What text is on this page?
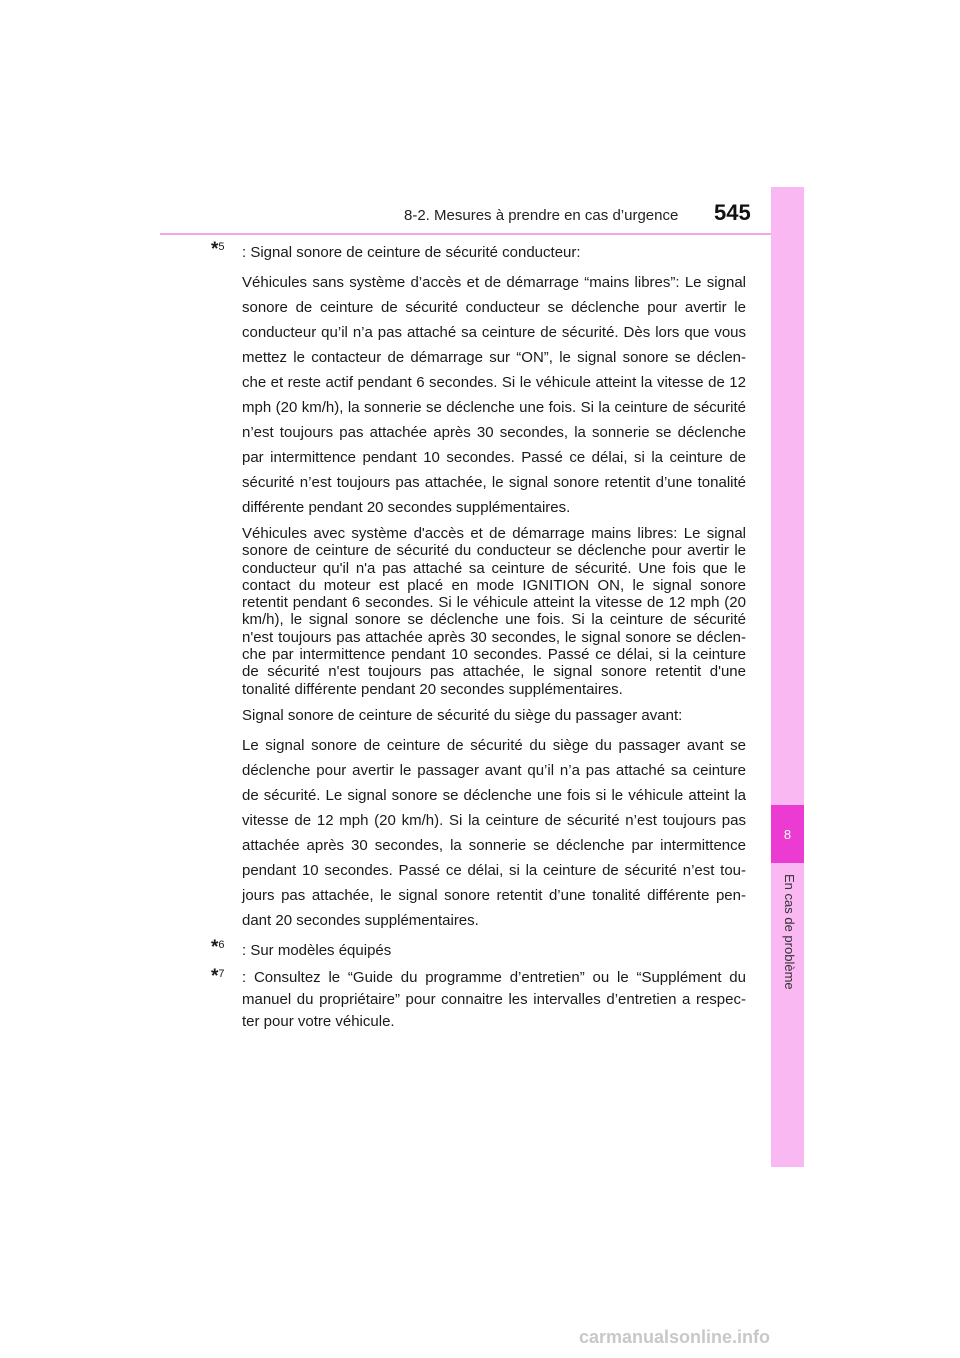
8-2. Mesures à prendre en cas d’urgence 545
8
En cas de problème
*$^5$ : Signal sonore de ceinture de sécurité conducteur:

Véhicules sans système d’accès et de démarrage “mains libres”: Le signal sonore de ceinture de sécurité conducteur se déclenche pour avertir le conducteur qu’il n’a pas attaché sa ceinture de sécurité. Dès lors que vous mettez le contacteur de démarrage sur “ON”, le signal sonore se déclen-che et reste actif pendant 6 secondes. Si le véhicule atteint la vitesse de 12 mph (20 km/h), la sonnerie se déclenche une fois. Si la ceinture de sécurité n’est toujours pas attachée après 30 secondes, la sonnerie se déclenche par intermittence pendant 10 secondes. Passé ce délai, si la ceinture de sécurité n’est toujours pas attachée, le signal sonore retentit d’une tonalité différente pendant 20 secondes supplémentaires.

Véhicules avec système d'accès et de démarrage mains libres: Le signal sonore de ceinture de sécurité du conducteur se déclenche pour avertir le conducteur qu'il n'a pas attaché sa ceinture de sécurité. Une fois que le contact du moteur est placé en mode IGNITION ON, le signal sonore retentit pendant 6 secondes. Si le véhicule atteint la vitesse de 12 mph (20 km/h), le signal sonore se déclenche une fois. Si la ceinture de sécurité n'est toujours pas attachée après 30 secondes, le signal sonore se déclen-che par intermittence pendant 10 secondes. Passé ce délai, si la ceinture de sécurité n'est toujours pas attachée, le signal sonore retentit d'une tonalité différente pendant 20 secondes supplémentaires.

Signal sonore de ceinture de sécurité du siège du passager avant:

Le signal sonore de ceinture de sécurité du siège du passager avant se déclenche pour avertir le passager avant qu’il n’a pas attaché sa ceinture de sécurité. Le signal sonore se déclenche une fois si le véhicule atteint la vitesse de 12 mph (20 km/h). Si la ceinture de sécurité n’est toujours pas attachée après 30 secondes, la sonnerie se déclenche par intermittence pendant 10 secondes. Passé ce délai, si la ceinture de sécurité n’est tou-jours pas attachée, le signal sonore retentit d’une tonalité différente pen-dant 20 secondes supplémentaires.

*$^6$ : Sur modèles équipés

*$^7$ : Consultez le “Guide du programme d’entretien” ou le “Supplément du manuel du propriétaire” pour connaitre les intervalles d’entretien a respec-ter pour votre véhicule.

carmanualsonline.info
